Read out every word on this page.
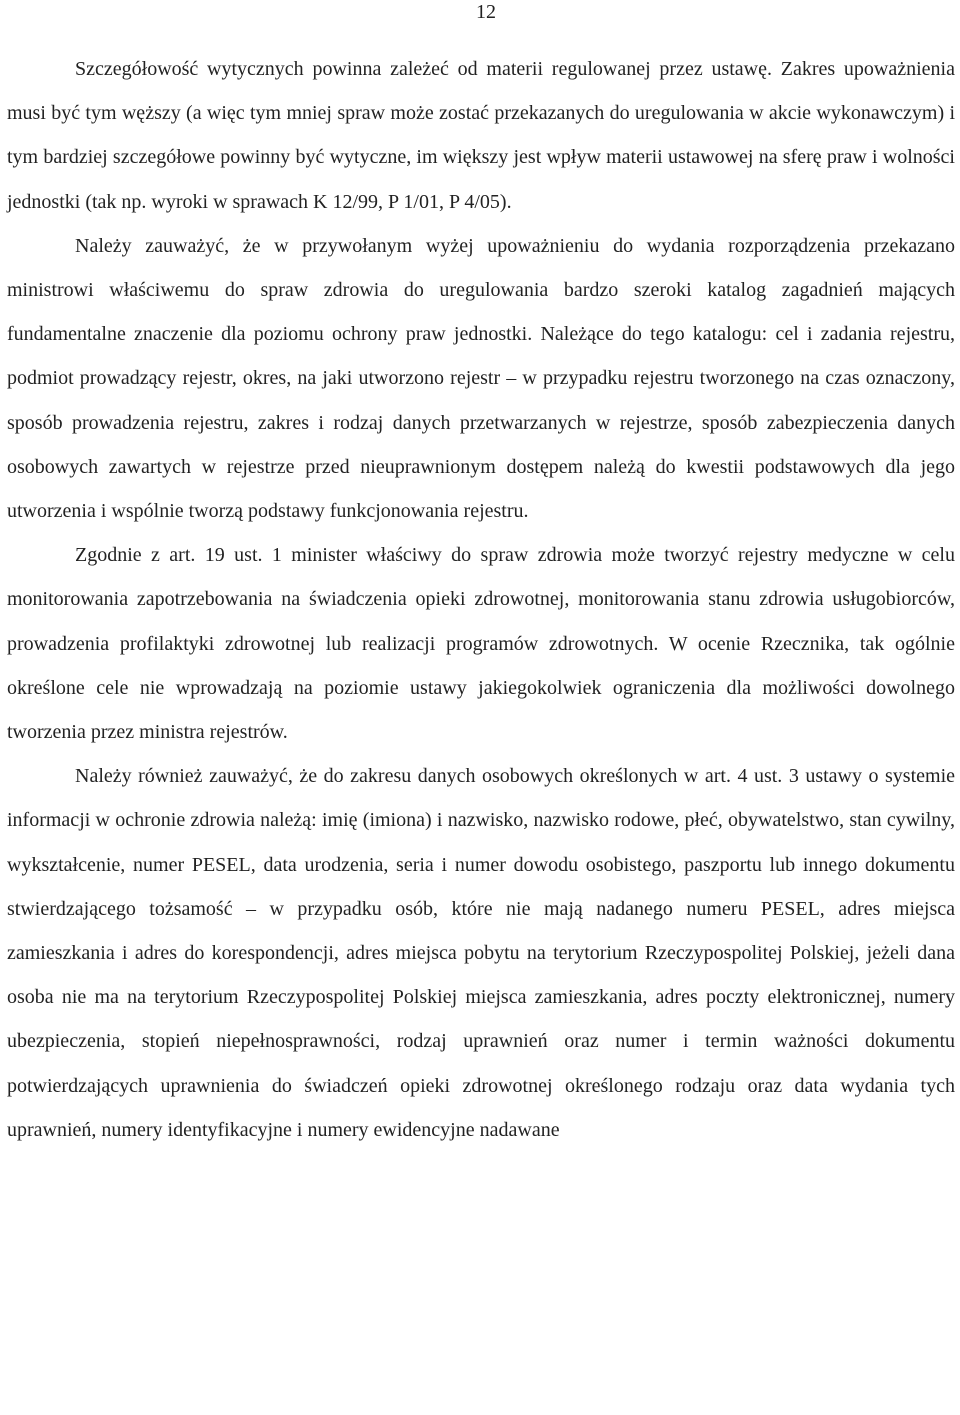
12

Szczegółowość wytycznych powinna zależeć od materii regulowanej przez ustawę. Zakres upoważnienia musi być tym węższy (a więc tym mniej spraw może zostać przekazanych do uregulowania w akcie wykonawczym) i tym bardziej szczegółowe powinny być wytyczne, im większy jest wpływ materii ustawowej na sferę praw i wolności jednostki (tak np. wyroki w sprawach K 12/99, P 1/01, P 4/05).

Należy zauważyć, że w przywołanym wyżej upoważnieniu do wydania rozporządzenia przekazano ministrowi właściwemu do spraw zdrowia do uregulowania bardzo szeroki katalog zagadnień mających fundamentalne znaczenie dla poziomu ochrony praw jednostki. Należące do tego katalogu: cel i zadania rejestru, podmiot prowadzący rejestr, okres, na jaki utworzono rejestr – w przypadku rejestru tworzonego na czas oznaczony, sposób prowadzenia rejestru, zakres i rodzaj danych przetwarzanych w rejestrze, sposób zabezpieczenia danych osobowych zawartych w rejestrze przed nieuprawnionym dostępem należą do kwestii podstawowych dla jego utworzenia i wspólnie tworzą podstawy funkcjonowania rejestru.

Zgodnie z art. 19 ust. 1 minister właściwy do spraw zdrowia może tworzyć rejestry medyczne w celu monitorowania zapotrzebowania na świadczenia opieki zdrowotnej, monitorowania stanu zdrowia usługobiorców, prowadzenia profilaktyki zdrowotnej lub realizacji programów zdrowotnych. W ocenie Rzecznika, tak ogólnie określone cele nie wprowadzają na poziomie ustawy jakiegokolwiek ograniczenia dla możliwości dowolnego tworzenia przez ministra rejestrów.

Należy również zauważyć, że do zakresu danych osobowych określonych w art. 4 ust. 3 ustawy o systemie informacji w ochronie zdrowia należą: imię (imiona) i nazwisko, nazwisko rodowe, płeć, obywatelstwo, stan cywilny, wykształcenie, numer PESEL, data urodzenia, seria i numer dowodu osobistego, paszportu lub innego dokumentu stwierdzającego tożsamość – w przypadku osób, które nie mają nadanego numeru PESEL, adres miejsca zamieszkania i adres do korespondencji, adres miejsca pobytu na terytorium Rzeczypospolitej Polskiej, jeżeli dana osoba nie ma na terytorium Rzeczypospolitej Polskiej miejsca zamieszkania, adres poczty elektronicznej, numery ubezpieczenia, stopień niepełnosprawności, rodzaj uprawnień oraz numer i termin ważności dokumentu potwierdzających uprawnienia do świadczeń opieki zdrowotnej określonego rodzaju oraz data wydania tych uprawnień, numery identyfikacyjne i numery ewidencyjne nadawane
